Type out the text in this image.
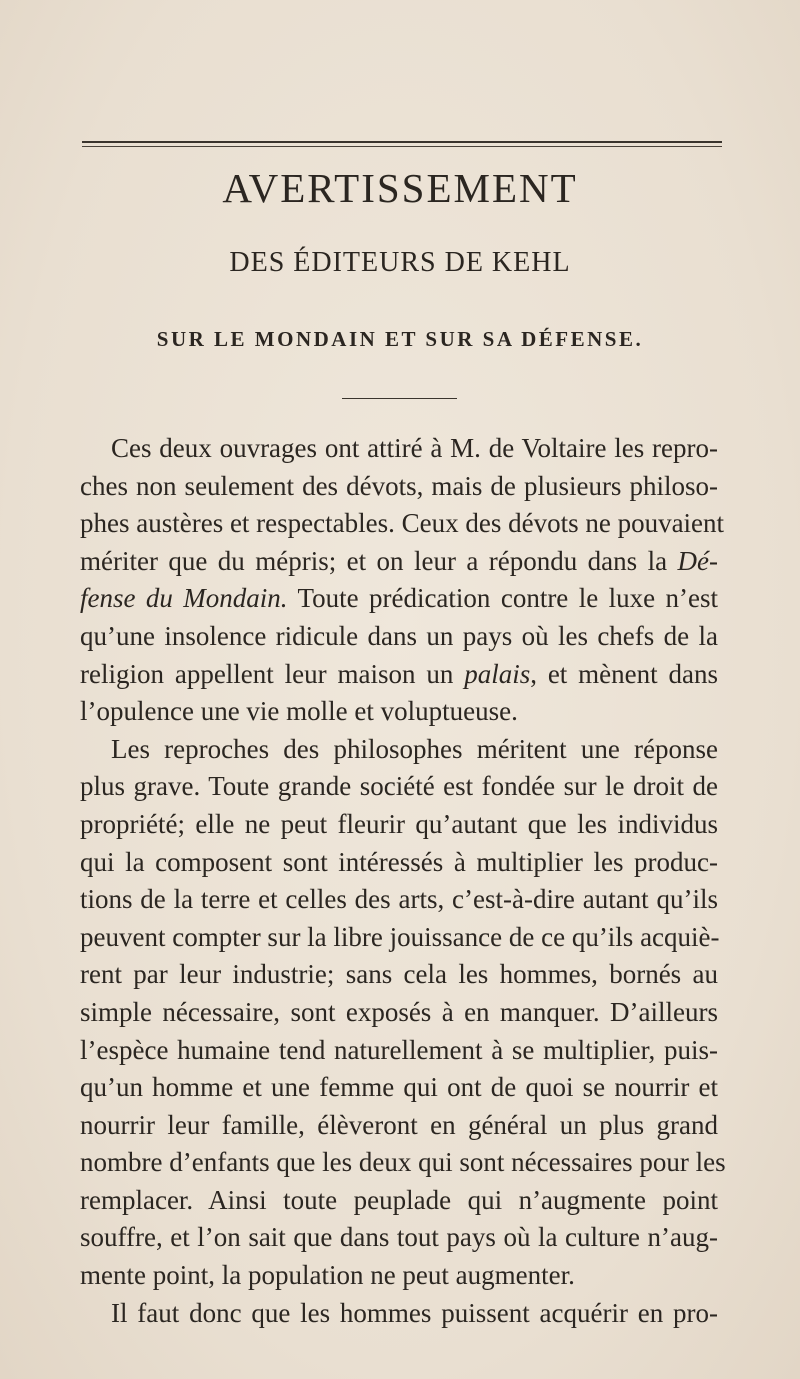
AVERTISSEMENT
DES ÉDITEURS DE KEHL
SUR LE MONDAIN ET SUR SA DÉFENSE.
Ces deux ouvrages ont attiré à M. de Voltaire les repro-
ches non seulement des dévots, mais de plusieurs philoso-
phes austères et respectables. Ceux des dévots ne pouvaient
mériter que du mépris; et on leur a répondu dans la Dé-
fense du Mondain. Toute prédication contre le luxe n’est
qu’une insolence ridicule dans un pays où les chefs de la
religion appellent leur maison un palais, et mènent dans
l’opulence une vie molle et voluptueuse.
Les reproches des philosophes méritent une réponse
plus grave. Toute grande société est fondée sur le droit de
propriété; elle ne peut fleurir qu’autant que les individus
qui la composent sont intéressés à multiplier les produc-
tions de la terre et celles des arts, c’est-à-dire autant qu’ils
peuvent compter sur la libre jouissance de ce qu’ils acquiè-
rent par leur industrie; sans cela les hommes, bornés au
simple nécessaire, sont exposés à en manquer. D’ailleurs
l’espèce humaine tend naturellement à se multiplier, puis-
qu’un homme et une femme qui ont de quoi se nourrir et
nourrir leur famille, élèveront en général un plus grand
nombre d’enfants que les deux qui sont nécessaires pour les
remplacer. Ainsi toute peuplade qui n’augmente point
souffre, et l’on sait que dans tout pays où la culture n’aug-
mente point, la population ne peut augmenter.
Il faut donc que les hommes puissent acquérir en pro-
